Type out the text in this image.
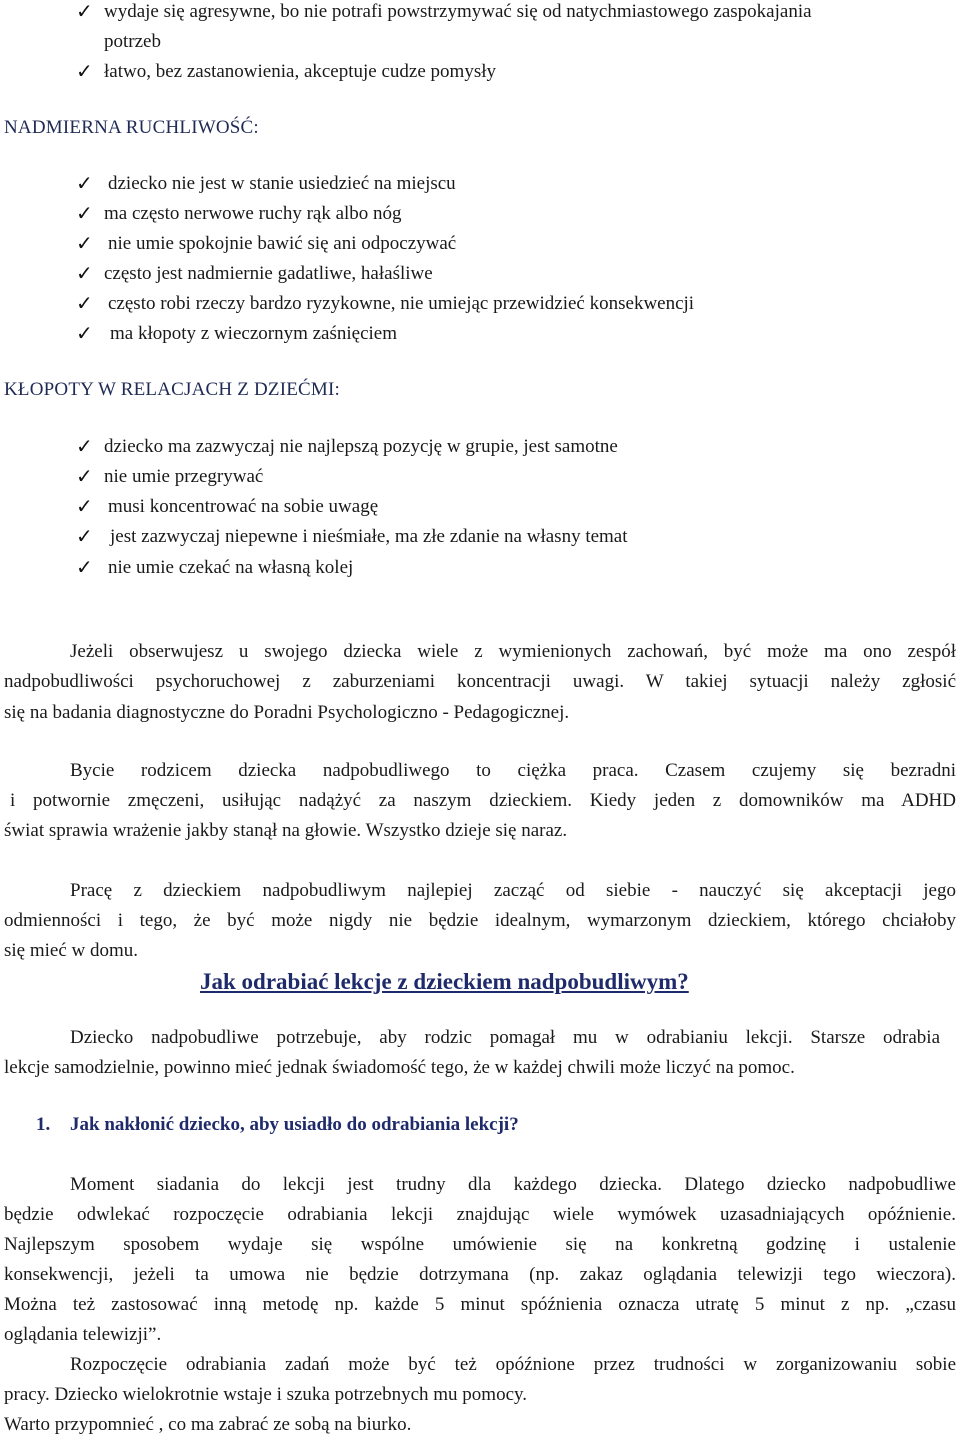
✓ wydaje się agresywne, bo nie potrafi powstrzymywać się od natychmiastowego zaspokajania
potrzeb
✓ łatwo, bez zastanowienia, akceptuje cudze pomysły
NADMIERNA RUCHLIWOŚĆ:
✓ dziecko nie jest w stanie usiedzieć na miejscu
✓ ma często nerwowe ruchy rąk albo nóg
✓ nie umie spokojnie bawić się ani odpoczywać
✓ często jest nadmiernie gadatliwe, hałaśliwe
✓ często robi rzeczy bardzo ryzykowne, nie umiejąc przewidzieć konsekwencji
✓ ma kłopoty z wieczornym zaśnięciem
KŁOPOTY W RELACJACH Z DZIEĆMI:
✓ dziecko ma zazwyczaj nie najlepszą pozycję w grupie, jest samotne
✓ nie umie przegrywać
✓ musi koncentrować na sobie uwagę
✓ jest zazwyczaj niepewne i nieśmiałe, ma złe zdanie na własny temat
✓ nie umie czekać na własną kolej
Jeżeli obserwujesz u swojego dziecka wiele z wymienionych zachowań, być może ma ono zespół
nadpobudliwości psychoruchowej z zaburzeniami koncentracji uwagi. W takiej sytuacji należy zgłosić
się na badania diagnostyczne do Poradni Psychologiczno - Pedagogicznej.
Bycie rodzicem dziecka nadpobudliwego to ciężka praca. Czasem czujemy się bezradni
i potwornie zmęczeni, usiłując nadążyć za naszym dzieckiem. Kiedy jeden z domowników ma ADHD
świat sprawia wrażenie jakby stanął na głowie. Wszystko dzieje się naraz.
Pracę z dzieckiem nadpobudliwym najlepiej zacząć od siebie - nauczyć się akceptacji jego
odmienności i tego, że być może nigdy nie będzie idealnym, wymarzonym dzieckiem, którego chciałoby
się mieć w domu.
Jak odrabiać lekcje z dzieckiem nadpobudliwym?
Dziecko nadpobudliwe potrzebuje, aby rodzic pomagał mu w odrabianiu lekcji. Starsze odrabia
lekcje samodzielnie, powinno mieć jednak świadomość tego, że w każdej chwili może liczyć na pomoc.
1. Jak nakłonić dziecko, aby usiadło do odrabiania lekcji?
Moment siadania do lekcji jest trudny dla każdego dziecka. Dlatego dziecko nadpobudliwe
będzie odwlekać rozpoczęcie odrabiania lekcji znajdując wiele wymówek uzasadniających opóźnienie.
Najlepszym sposobem wydaje się wspólne umówienie się na konkretną godzinę i ustalenie
konsekwencji, jeżeli ta umowa nie będzie dotrzymana (np. zakaz oglądania telewizji tego wieczora).
Można też zastosować inną metodę np. każde 5 minut spóźnienia oznacza utratę 5 minut z np. „czasu
oglądania telewizji”.
Rozpoczęcie odrabiania zadań może być też opóźnione przez trudności w zorganizowaniu sobie
pracy. Dziecko wielokrotnie wstaje i szuka potrzebnych mu pomocy.
Warto przypomnieć , co ma zabrać ze sobą na biurko.
